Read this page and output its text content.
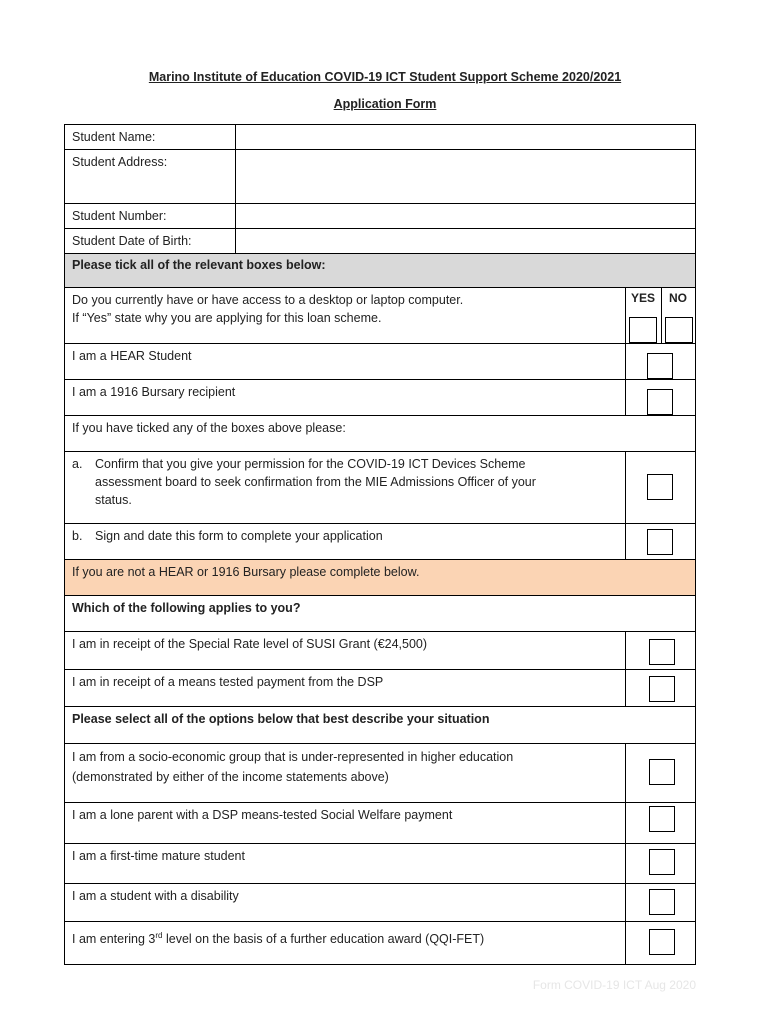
Marino Institute of Education COVID-19 ICT Student Support Scheme 2020/2021
Application Form
Student Name:
Student Address:
Student Number:
Student Date of Birth:
Please tick all of the relevant boxes below:
Do you currently have or have access to a desktop or laptop computer.
If “Yes” state why you are applying for this loan scheme.
YES NO
I am a HEAR Student
I am a 1916 Bursary recipient
If you have ticked any of the boxes above please:
a. Confirm that you give your permission for the COVID-19 ICT Devices Scheme
assessment board to seek confirmation from the MIE Admissions Officer of your
status.
b. Sign and date this form to complete your application
If you are not a HEAR or 1916 Bursary please complete below.
Which of the following applies to you?
I am in receipt of the Special Rate level of SUSI Grant (€24,500)
I am in receipt of a means tested payment from the DSP
Please select all of the options below that best describe your situation
I am from a socio-economic group that is under-represented in higher education
(demonstrated by either of the income statements above)
I am a lone parent with a DSP means-tested Social Welfare payment
I am a first-time mature student
I am a student with a disability
I am entering 3rd level on the basis of a further education award (QQI-FET)
Form COVID-19 ICT Aug 2020
